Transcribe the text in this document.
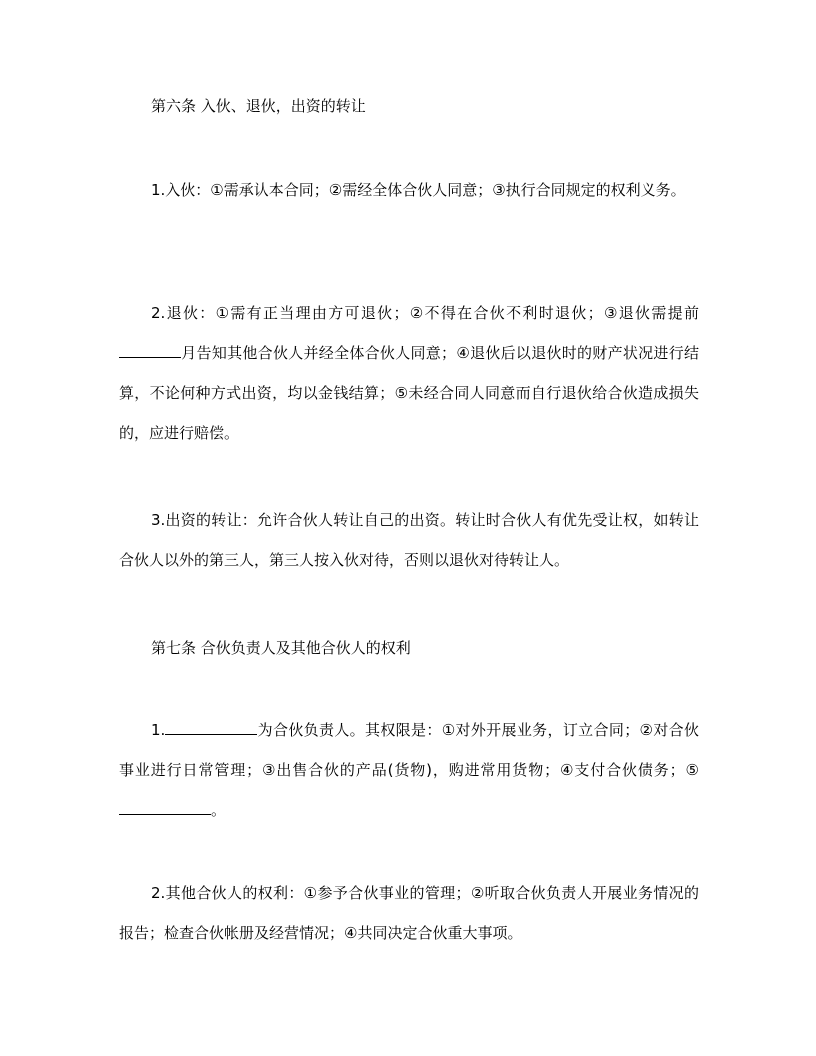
第六条 入伙、退伙，出资的转让
1.入伙：①需承认本合同；②需经全体合伙人同意；③执行合同规定的权利义务。
2.退伙：①需有正当理由方可退伙；②不得在合伙不利时退伙；③退伙需提前月告知其他合伙人并经全体合伙人同意；④退伙后以退伙时的财产状况进行结算，不论何种方式出资，均以金钱结算；⑤未经合同人同意而自行退伙给合伙造成损失的，应进行赔偿。
3.出资的转让：允许合伙人转让自己的出资。转让时合伙人有优先受让权，如转让合伙人以外的第三人，第三人按入伙对待，否则以退伙对待转让人。
第七条 合伙负责人及其他合伙人的权利
1.	为合伙负责人。其权限是：①对外开展业务，订立合同；②对合伙事业进行日常管理；③出售合伙的产品(货物)，购进常用货物；④支付合伙债务；⑤。
2.其他合伙人的权利：①参予合伙事业的管理；②听取合伙负责人开展业务情况的报告；检查合伙帐册及经营情况；④共同决定合伙重大事项。
